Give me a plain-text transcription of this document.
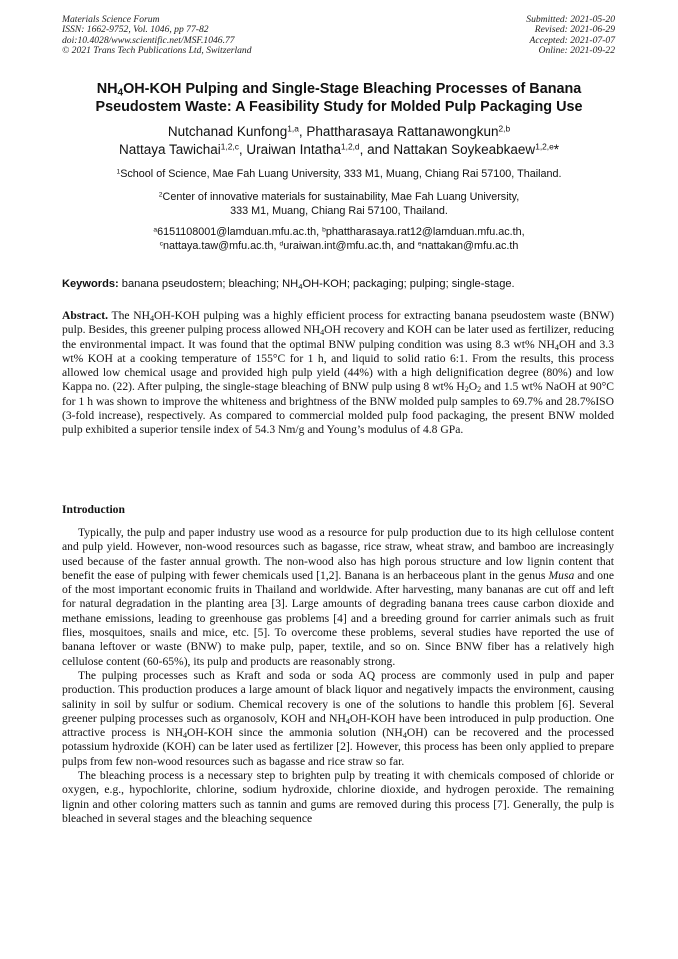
Materials Science Forum
ISSN: 1662-9752, Vol. 1046, pp 77-82
doi:10.4028/www.scientific.net/MSF.1046.77
© 2021 Trans Tech Publications Ltd, Switzerland
Submitted: 2021-05-20
Revised: 2021-06-29
Accepted: 2021-07-07
Online: 2021-09-22
$NH_4OH$-KOH Pulping and Single-Stage Bleaching Processes of Banana
Pseudostem Waste: A Feasibility Study for Molded Pulp Packaging Use
Nutchanad Kunfong$^{1,a}$, Phattharasaya Rattanawongkun$^{2,b}$
Nattaya Tawichai$^{1,2,c}$, Uraiwan Intatha$^{1,2,d}$, and Nattakan Soykeabkaew$^{1,2,e}$*
$^1$School of Science, Mae Fah Luang University, 333 M1, Muang, Chiang Rai 57100, Thailand.
$^2$Center of innovative materials for sustainability, Mae Fah Luang University,
333 M1, Muang, Chiang Rai 57100, Thailand.
$^a$6151108001@lamduan.mfu.ac.th, $^b$phattharasaya.rat12@lamduan.mfu.ac.th,
$^c$nattaya.taw@mfu.ac.th, $^d$uraiwan.int@mfu.ac.th, and $^e$nattakan@mfu.ac.th
Keywords: banana pseudostem; bleaching; $NH_4OH$-KOH; packaging; pulping; single-stage.
Abstract. The $NH_4OH$-KOH pulping was a highly efficient process for extracting banana pseudostem waste (BNW) pulp. Besides, this greener pulping process allowed $NH_4OH$ recovery and KOH can be later used as fertilizer, reducing the environmental impact. It was found that the optimal BNW pulping condition was using 8.3 wt% $NH_4OH$ and 3.3 wt% KOH at a cooking temperature of 155°C for 1 h, and liquid to solid ratio 6:1. From the results, this process allowed low chemical usage and provided high pulp yield (44%) with a high delignification degree (80%) and low Kappa no. (22). After pulping, the single-stage bleaching of BNW pulp using 8 wt% $H_2O_2$ and 1.5 wt% NaOH at 90°C for 1 h was shown to improve the whiteness and brightness of the BNW molded pulp samples to 69.7% and 28.7%ISO (3-fold increase), respectively. As compared to commercial molded pulp food packaging, the present BNW molded pulp exhibited a superior tensile index of 54.3 Nm/g and Young’s modulus of 4.8 GPa.
Introduction

Typically, the pulp and paper industry use wood as a resource for pulp production due to its high cellulose content and pulp yield. However, non-wood resources such as bagasse, rice straw, wheat straw, and bamboo are increasingly used because of the faster annual growth. The non-wood also has high porous structure and low lignin content that benefit the ease of pulping with fewer chemicals used [1,2]. Banana is an herbaceous plant in the genus Musa and one of the most important economic fruits in Thailand and worldwide. After harvesting, many bananas are cut off and left for natural degradation in the planting area [3]. Large amounts of degrading banana trees cause carbon dioxide and methane emissions, leading to greenhouse gas problems [4] and a breeding ground for carrier animals such as fruit flies, mosquitoes, snails and mice, etc. [5]. To overcome these problems, several studies have reported the use of banana leftover or waste (BNW) to make pulp, paper, textile, and so on. Since BNW fiber has a relatively high cellulose content (60-65%), its pulp and products are reasonably strong.

The pulping processes such as Kraft and soda or soda AQ process are commonly used in pulp and paper production. This production produces a large amount of black liquor and negatively impacts the environment, causing salinity in soil by sulfur or sodium. Chemical recovery is one of the solutions to handle this problem [6]. Several greener pulping processes such as organosolv, KOH and $NH_4OH$-KOH have been introduced in pulp production. One attractive process is $NH_4OH$-KOH since the ammonia solution $(NH_4OH)$ can be recovered and the processed potassium hydroxide (KOH) can be later used as fertilizer [2]. However, this process has been only applied to prepare pulps from few non-wood resources such as bagasse and rice straw so far.

The bleaching process is a necessary step to brighten pulp by treating it with chemicals composed of chloride or oxygen, e.g., hypochlorite, chlorine, sodium hydroxide, chlorine dioxide, and hydrogen peroxide. The remaining lignin and other coloring matters such as tannin and gums are removed during this process [7]. Generally, the pulp is bleached in several stages and the bleaching sequence
